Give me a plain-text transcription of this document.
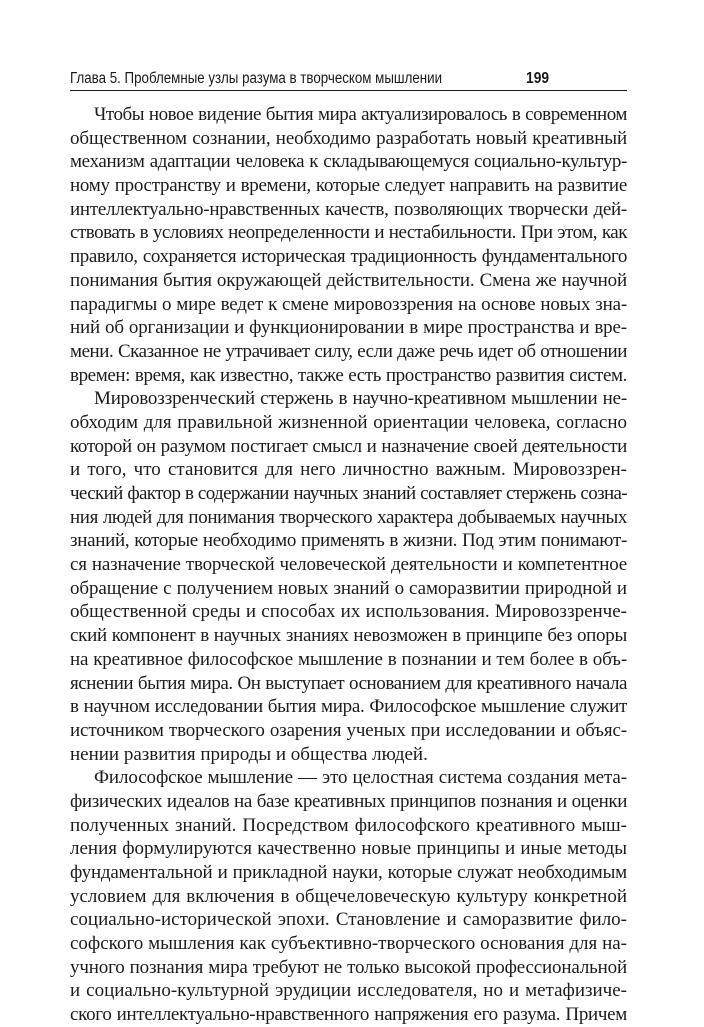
Глава 5. Проблемные узлы разума в творческом мышлении	199

Чтобы новое видение бытия мира актуализировалось в современном
общественном сознании, необходимо разработать новый креативный
механизм адаптации человека к складывающемуся социально-культур-
ному пространству и времени, которые следует направить на развитие
интеллектуально-нравственных качеств, позволяющих творчески дей-
ствовать в условиях неопределенности и нестабильности. При этом, как
правило, сохраняется историческая традиционность фундаментального
понимания бытия окружающей действительности. Смена же научной
парадигмы о мире ведет к смене мировоззрения на основе новых зна-
ний об организации и функционировании в мире пространства и вре-
мени. Сказанное не утрачивает силу, если даже речь идет об отношении
времен: время, как известно, также есть пространство развития систем.

Мировоззренческий стержень в научно-креативном мышлении не-
обходим для правильной жизненной ориентации человека, согласно
которой он разумом постигает смысл и назначение своей деятельности
и того, что становится для него личностно важным. Мировоззрен-
ческий фактор в содержании научных знаний составляет стержень созна-
ния людей для понимания творческого характера добываемых научных
знаний, которые необходимо применять в жизни. Под этим понимают-
ся назначение творческой человеческой деятельности и компетентное
обращение с получением новых знаний о саморазвитии природной и
общественной среды и способах их использования. Мировоззренче-
ский компонент в научных знаниях невозможен в принципе без опоры
на креативное философское мышление в познании и тем более в объ-
яснении бытия мира. Он выступает основанием для креативного начала
в научном исследовании бытия мира. Философское мышление служит
источником творческого озарения ученых при исследовании и объяс-
нении развития природы и общества людей.

Философское мышление — это целостная система создания мета-
физических идеалов на базе креативных принципов познания и оценки
полученных знаний. Посредством философского креативного мыш-
ления формулируются качественно новые принципы и иные методы
фундаментальной и прикладной науки, которые служат необходимым
условием для включения в общечеловеческую культуру конкретной
социально-исторической эпохи. Становление и саморазвитие фило-
софского мышления как субъективно-творческого основания для на-
учного познания мира требуют не только высокой профессиональной
и социально-культурной эрудиции исследователя, но и метафизиче-
ского интеллектуально-нравственного напряжения его разума. Причем
